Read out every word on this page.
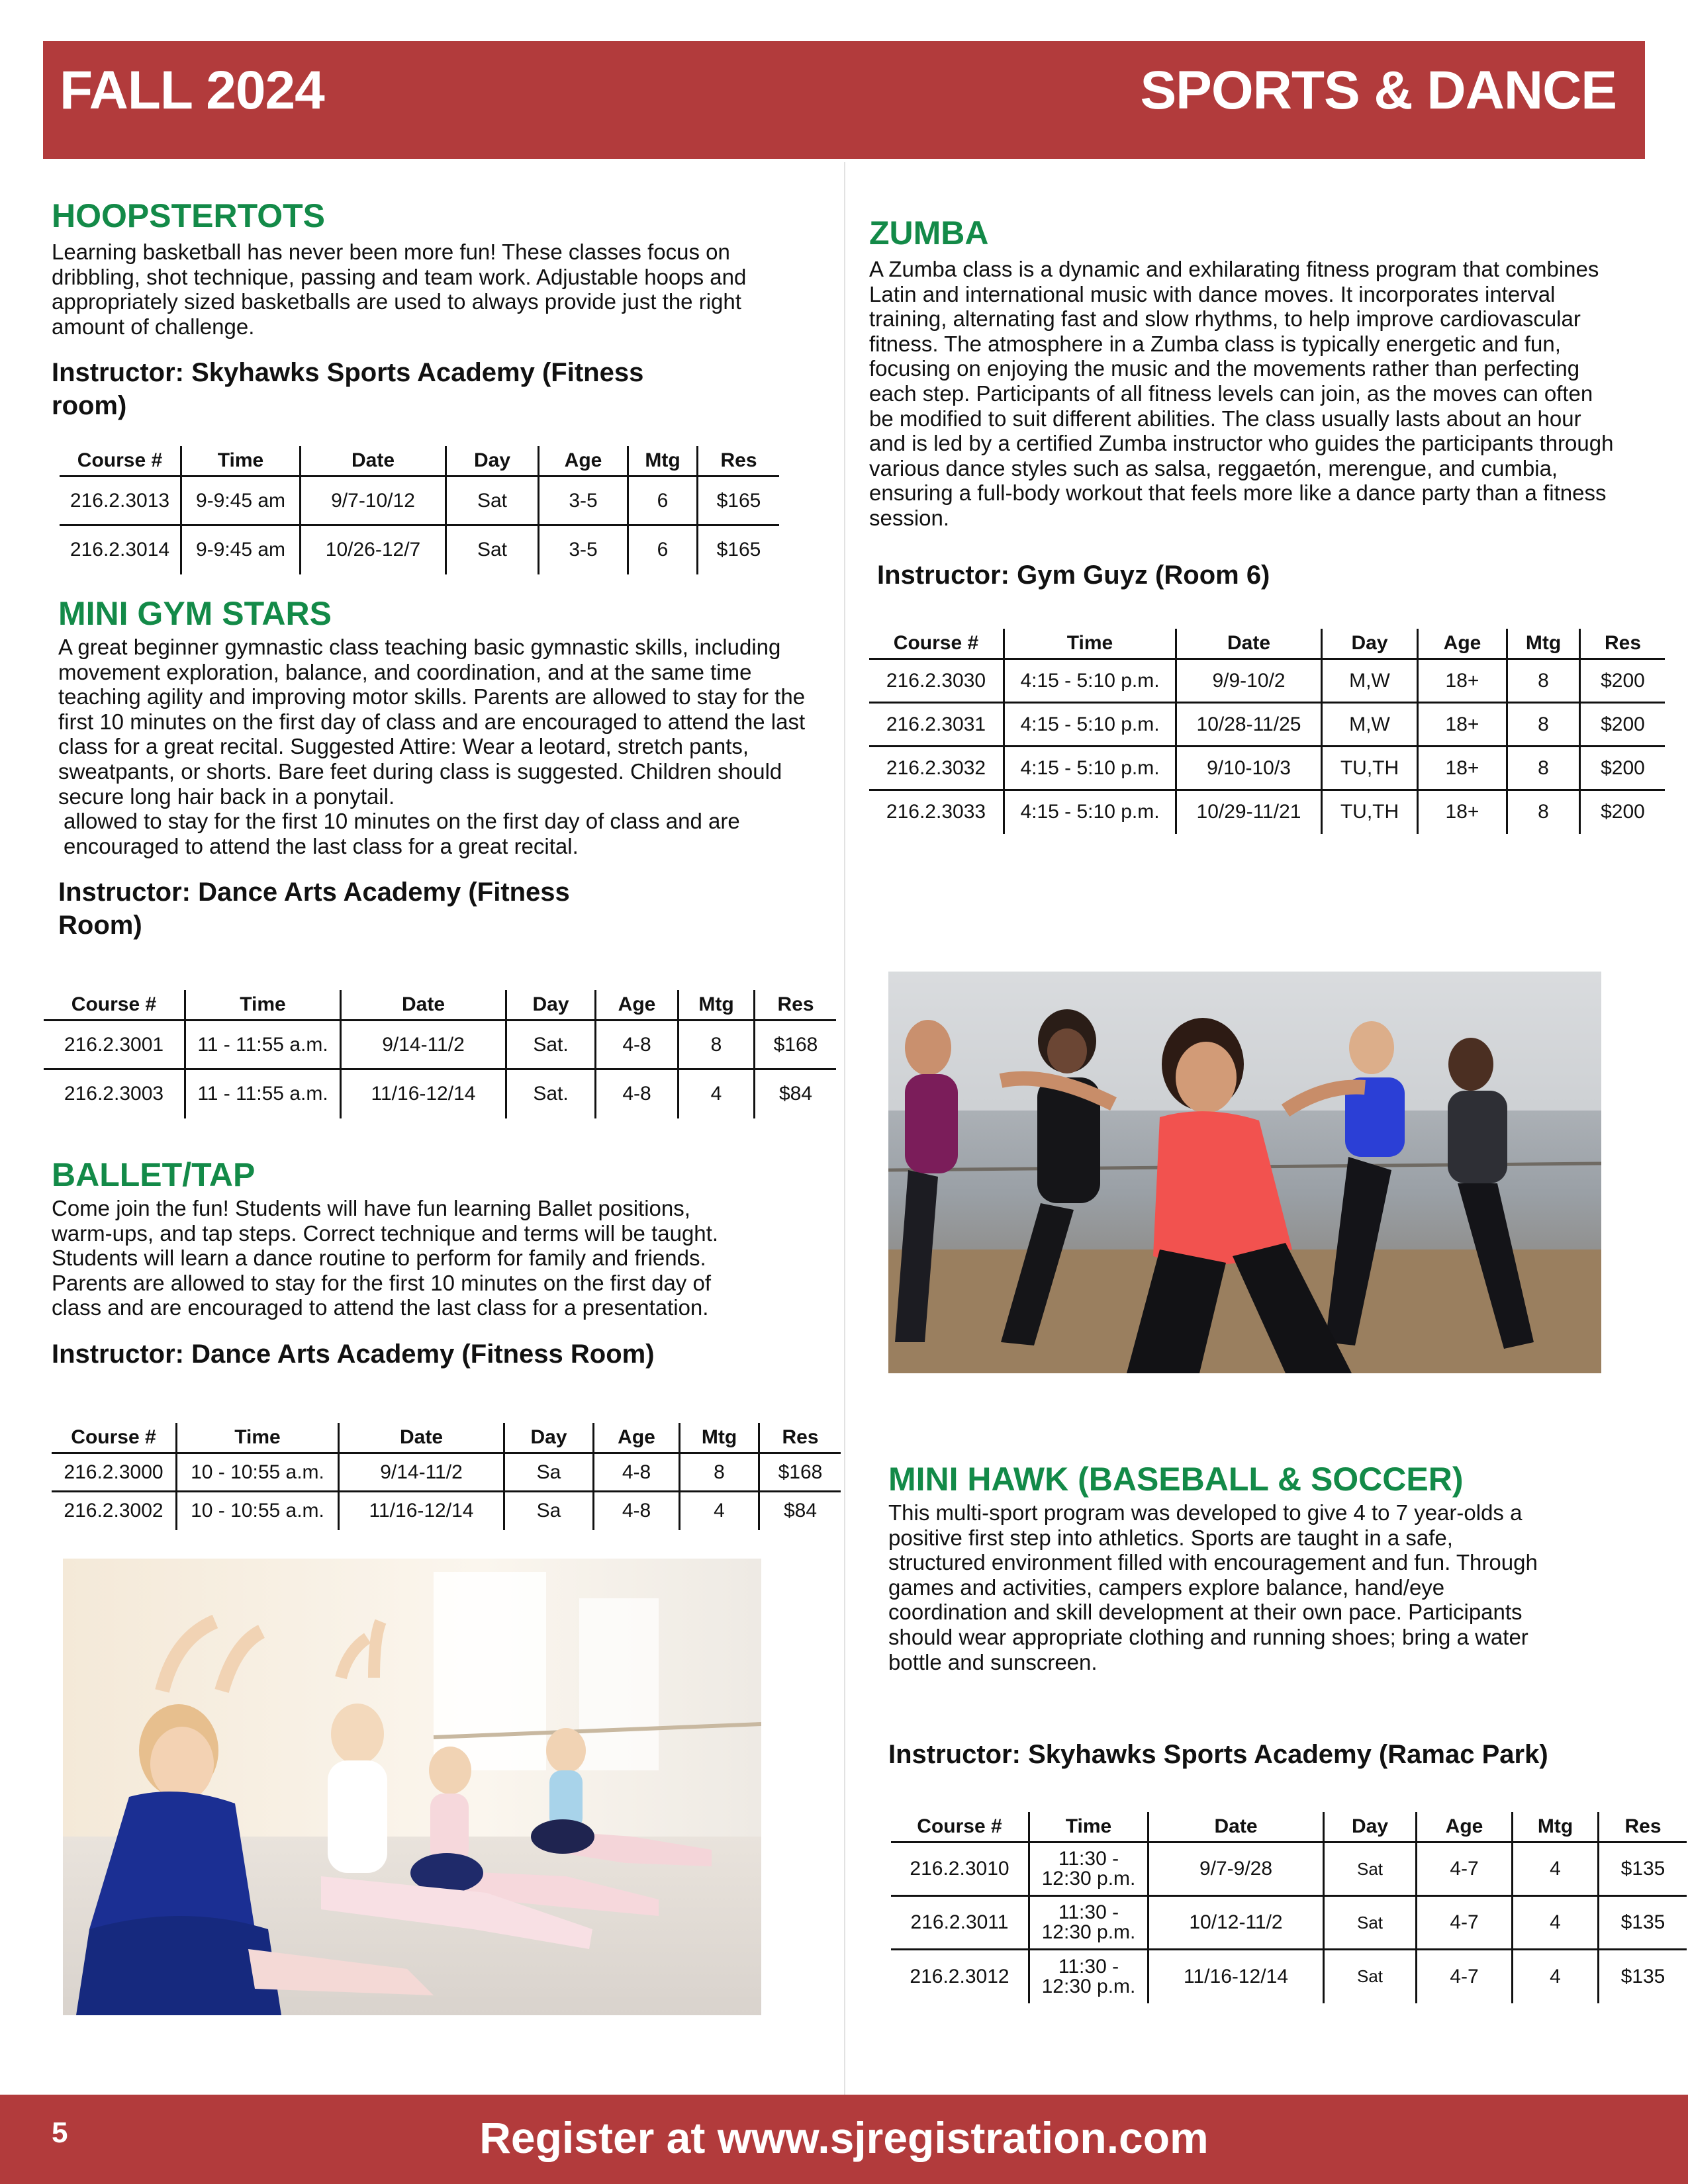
FALL 2024	SPORTS & DANCE
HOOPSTERTOTS

Learning basketball has never been more fun! These classes focus on dribbling, shot technique, passing and team work. Adjustable hoops and appropriately sized basketballs are used to always provide just the right amount of challenge.

Instructor: Skyhawks Sports Academy (Fitness room)

Course #	Time	Date	Day	Age	Mtg	Res
216.2.3013	9-9:45 am	9/7-10/12	Sat	3-5	6	$165
216.2.3014	9-9:45 am	10/26-12/7	Sat	3-5	6	$165
MINI GYM STARS

A great beginner gymnastic class teaching basic gymnastic skills, including movement exploration, balance, and coordination, and at the same time teaching agility and improving motor skills. Parents are allowed to stay for the first 10 minutes on the first day of class and are encouraged to attend the last class for a great recital. Suggested Attire: Wear a leotard, stretch pants, sweatpants, or shorts. Bare feet during class is suggested. Children should secure long hair back in a ponytail.

allowed to stay for the first 10 minutes on the first day of class and are encouraged to attend the last class for a great recital.

Instructor: Dance Arts Academy (Fitness Room)

Course #	Time	Date	Day	Age	Mtg	Res
216.2.3001	11 - 11:55 a.m.	9/14-11/2	Sat.	4-8	8	$168
216.2.3003	11 - 11:55 a.m.	11/16-12/14	Sat.	4-8	4	$84
BALLET/TAP

Come join the fun! Students will have fun learning Ballet positions, warm-ups, and tap steps. Correct technique and terms will be taught. Students will learn a dance routine to perform for family and friends. Parents are allowed to stay for the first 10 minutes on the first day of class and are encouraged to attend the last class for a presentation.

Instructor: Dance Arts Academy (Fitness Room)

Course #	Time	Date	Day	Age	Mtg	Res
216.2.3000	10 - 10:55 a.m.	9/14-11/2	Sa	4-8	8	$168
216.2.3002	10 - 10:55 a.m.	11/16-12/14	Sa	4-8	4	$84
ZUMBA

A Zumba class is a dynamic and exhilarating fitness program that combines Latin and international music with dance moves. It incorporates interval training, alternating fast and slow rhythms, to help improve cardiovascular fitness. The atmosphere in a Zumba class is typically energetic and fun, focusing on enjoying the music and the movements rather than perfecting each step. Participants of all fitness levels can join, as the moves can often be modified to suit different abilities. The class usually lasts about an hour and is led by a certified Zumba instructor who guides the participants through various dance styles such as salsa, reggaetón, merengue, and cumbia, ensuring a full-body workout that feels more like a dance party than a fitness session.

Instructor: Gym Guyz (Room 6)

Course #	Time	Date	Day	Age	Mtg	Res
216.2.3030	4:15 - 5:10 p.m.	9/9-10/2	M,W	18+	8	$200
216.2.3031	4:15 - 5:10 p.m.	10/28-11/25	M,W	18+	8	$200
216.2.3032	4:15 - 5:10 p.m.	9/10-10/3	TU,TH	18+	8	$200
216.2.3033	4:15 - 5:10 p.m.	10/29-11/21	TU,TH	18+	8	$200
MINI HAWK (BASEBALL & SOCCER)

This multi-sport program was developed to give 4 to 7 year-olds a positive first step into athletics. Sports are taught in a safe, structured environment filled with encouragement and fun. Through games and activities, campers explore balance, hand/eye coordination and skill development at their own pace. Participants should wear appropriate clothing and running shoes; bring a water bottle and sunscreen.

Instructor: Skyhawks Sports Academy (Ramac Park)

Course #	Time	Date	Day	Age	Mtg	Res
216.2.3010	11:30 - 12:30 p.m.	9/7-9/28	Sat	4-7	4	$135
216.2.3011	11:30 - 12:30 p.m.	10/12-11/2	Sat	4-7	4	$135
216.2.3012	11:30 - 12:30 p.m.	11/16-12/14	Sat	4-7	4	$135
5	Register at www.sjregistration.com
